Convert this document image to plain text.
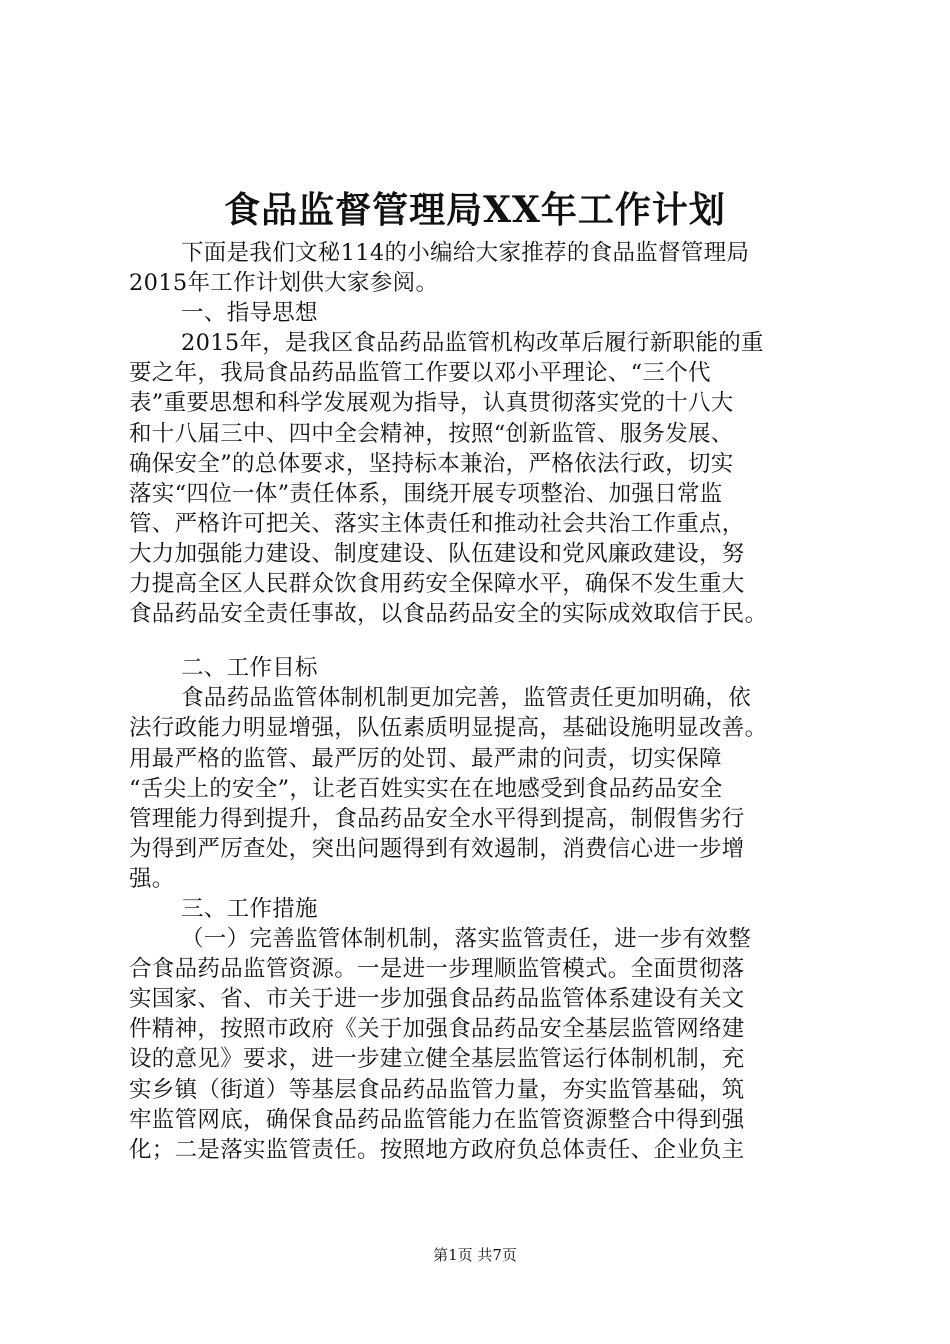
食品监督管理局XX年工作计划
下面是我们文秘114的小编给大家推荐的食品监督管理局
2015年工作计划供大家参阅。
一、指导思想
2015年，是我区食品药品监管机构改革后履行新职能的重
要之年，我局食品药品监管工作要以邓小平理论、“三个代
表”重要思想和科学发展观为指导，认真贯彻落实党的十八大
和十八届三中、四中全会精神，按照“创新监管、服务发展、
确保安全”的总体要求，坚持标本兼治，严格依法行政，切实
落实“四位一体”责任体系，围绕开展专项整治、加强日常监
管、严格许可把关、落实主体责任和推动社会共治工作重点，
大力加强能力建设、制度建设、队伍建设和党风廉政建设，努
力提高全区人民群众饮食用药安全保障水平，确保不发生重大
食品药品安全责任事故，以食品药品安全的实际成效取信于民。
二、工作目标
食品药品监管体制机制更加完善，监管责任更加明确，依
法行政能力明显增强，队伍素质明显提高，基础设施明显改善。
用最严格的监管、最严厉的处罚、最严肃的问责，切实保障
“舌尖上的安全”，让老百姓实实在在地感受到食品药品安全
管理能力得到提升，食品药品安全水平得到提高，制假售劣行
为得到严厉查处，突出问题得到有效遏制，消费信心进一步增
强。
三、工作措施
（一）完善监管体制机制，落实监管责任，进一步有效整
合食品药品监管资源。一是进一步理顺监管模式。全面贯彻落
实国家、省、市关于进一步加强食品药品监管体系建设有关文
件精神，按照市政府《关于加强食品药品安全基层监管网络建
设的意见》要求，进一步建立健全基层监管运行体制机制，充
实乡镇（街道）等基层食品药品监管力量，夯实监管基础，筑
牢监管网底，确保食品药品监管能力在监管资源整合中得到强
化；二是落实监管责任。按照地方政府负总体责任、企业负主
第1页 共7页
